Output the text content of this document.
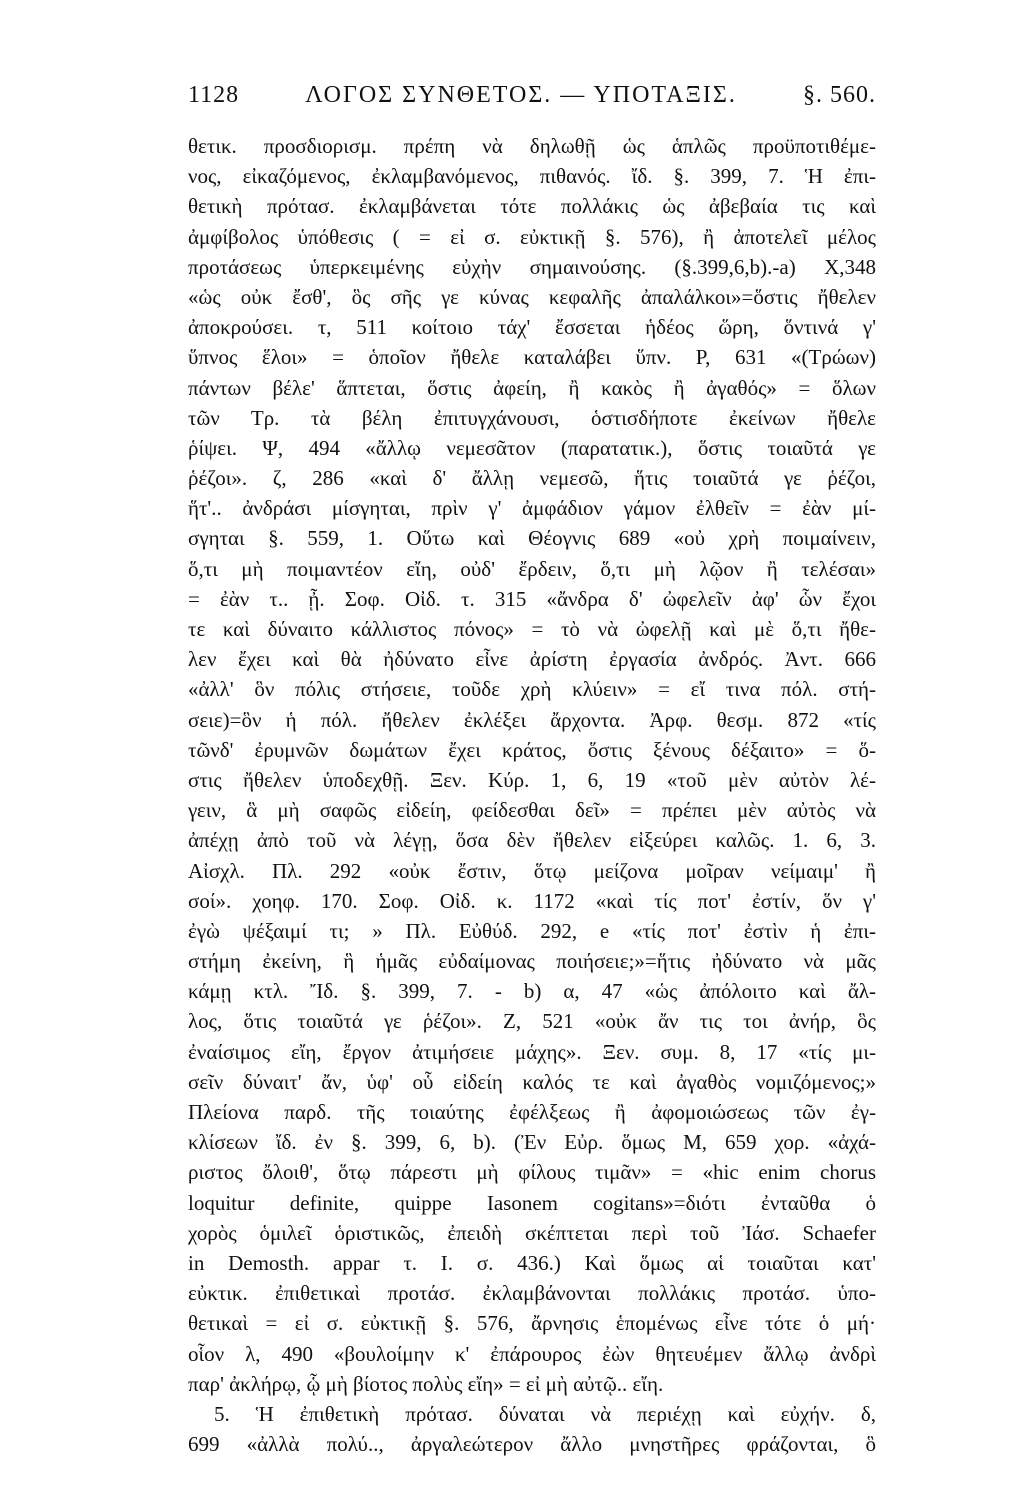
1128	ΛΟΓΟΣ ΣΥΝΘΕΤΟΣ. — ΥΠΟΤΑΞΙΣ.	§. 560.
θετικ. προσδιορισμ. πρέπη νὰ δηλωθῇ ὡς ἁπλῶς προϋποτιθέμε-
νος, εἰκαζόμενος, ἐκλαμβανόμενος, πιθανός. ἴδ. §. 399, 7. Ἡ ἐπι-
θετικὴ πρότασ. ἐκλαμβάνεται τότε πολλάκις ὡς ἀβεβαία τις καὶ
ἀμφίβολος ὑπόθεσις ( = εἰ σ. εὐκτικῇ §. 576), ἢ ἀποτελεῖ μέλος
προτάσεως ὑπερκειμένης εὐχὴν σημαινούσης. (§.399,6,b).-a) Χ,348
«ὡς οὐκ ἔσθ', ὃς σῆς γε κύνας κεφαλῆς ἀπαλάλκοι»=ὅστις ἤθελεν
ἀποκρούσει. τ, 511 κοίτοιο τάχ' ἔσσεται ἡδέος ὥρη, ὅντινά γ'
ὕπνος ἕλοι» = ὁποῖον ἤθελε καταλάβει ὕπν. Ρ, 631 «(Τρώων)
πάντων βέλε' ἅπτεται, ὅστις ἀφείη, ἢ κακὸς ἢ ἀγαθός» = ὅλων
τῶν Τρ. τὰ βέλη ἐπιτυγχάνουσι, ὁστισδήποτε ἐκείνων ἤθελε
ῥίψει. Ψ, 494 «ἄλλῳ νεμεσᾶτον (παρατατικ.), ὅστις τοιαῦτά γε
ῥέζοι». ζ, 286 «καὶ δ' ἄλλῃ νεμεσῶ, ἥτις τοιαῦτά γε ῥέζοι,
ἥτ'.. ἀνδράσι μίσγηται, πρὶν γ' ἀμφάδιον γάμον ἐλθεῖν = ἐὰν μί-
σγηται §. 559, 1. Οὕτω καὶ Θέογνις 689 «οὐ χρὴ ποιμαίνειν,
ὅ,τι μὴ ποιμαντέον εἴη, οὐδ' ἔρδειν, ὅ,τι μὴ λῷον ἢ τελέσαι»
= ἐὰν τ.. ᾖ. Σοφ. Οἰδ. τ. 315 «ἄνδρα δ' ὠφελεῖν ἀφ' ὧν ἔχοι
τε καὶ δύναιτο κάλλιστος πόνος» = τὸ νὰ ὠφελῇ καὶ μὲ ὅ,τι ἤθε-
λεν ἔχει καὶ θὰ ἠδύνατο εἶνε ἀρίστη ἐργασία ἀνδρός. Ἀντ. 666
«ἀλλ' ὃν πόλις στήσειε, τοῦδε χρὴ κλύειν» = εἴ τινα πόλ. στή-
σειε)=ὃν ἡ πόλ. ἤθελεν ἐκλέξει ἄρχοντα. Ἀρφ. θεσμ. 872 «τίς
τῶνδ' ἐρυμνῶν δωμάτων ἔχει κράτος, ὅστις ξένους δέξαιτο» = ὅ-
στις ἤθελεν ὑποδεχθῇ. Ξεν. Κύρ. 1, 6, 19 «τοῦ μὲν αὐτὸν λέ-
γειν, ἃ μὴ σαφῶς εἰδείη, φείδεσθαι δεῖ» = πρέπει μὲν αὐτὸς νὰ
ἀπέχῃ ἀπὸ τοῦ νὰ λέγῃ, ὅσα δὲν ἤθελεν εἰξεύρει καλῶς. 1. 6, 3.
Αἰσχλ. Πλ. 292 «οὐκ ἔστιν, ὅτῳ μείζονα μοῖραν νείμαιμ' ἢ
σοί». χοηφ. 170. Σοφ. Οἰδ. κ. 1172 «καὶ τίς ποτ' ἐστίν, ὅν γ'
ἐγὼ ψέξαιμί τι; » Πλ. Εὐθύδ. 292, e «τίς ποτ' ἐστὶν ἡ ἐπι-
στήμη ἐκείνη, ἣ ἡμᾶς εὐδαίμονας ποιήσειε;»=ἥτις ἠδύνατο νὰ μᾶς
κάμῃ κτλ. Ἴδ. §. 399, 7. - b) α, 47 «ὡς ἀπόλοιτο καὶ ἄλ-
λος, ὅτις τοιαῦτά γε ῥέζοι». Ζ, 521 «οὐκ ἄν τις τοι ἀνήρ, ὃς
ἐναίσιμος εἴη, ἔργον ἀτιμήσειε μάχης». Ξεν. συμ. 8, 17 «τίς μι-
σεῖν δύναιτ' ἄν, ὑφ' οὗ εἰδείη καλός τε καὶ ἀγαθὸς νομιζόμενος;»
Πλείονα παρδ. τῆς τοιαύτης ἐφέλξεως ἢ ἀφομοιώσεως τῶν ἐγ-
κλίσεων ἴδ. ἐν §. 399, 6, b). (Ἐν Εὐρ. ὅμως Μ, 659 χορ. «ἀχά-
ριστος ὄλοιθ', ὅτῳ πάρεστι μὴ φίλους τιμᾶν» = «hic enim chorus
loquitur definite, quippe Iasonem cogitans»=διότι ἐνταῦθα ὁ
χορὸς ὁμιλεῖ ὁριστικῶς, ἐπειδὴ σκέπτεται περὶ τοῦ Ἰάσ. Schaefer
in Demosth. appar τ. I. σ. 436.) Καὶ ὅμως αἱ τοιαῦται κατ'
εὐκτικ. ἐπιθετικαὶ προτάσ. ἐκλαμβάνονται πολλάκις προτάσ. ὑπο-
θετικαὶ = εἰ σ. εὐκτικῇ §. 576, ἄρνησις ἑπομένως εἶνε τότε ὁ μή·
οἷον λ, 490 «βουλοίμην κ' ἐπάρουρος ἐὼν θητευέμεν ἄλλῳ ἀνδρὶ
παρ' ἀκλήρῳ, ᾧ μὴ βίοτος πολὺς εἴη» = εἰ μὴ αὐτῷ.. εἴη.
5. Ἡ ἐπιθετικὴ πρότασ. δύναται νὰ περιέχῃ καὶ εὐχήν. δ,
699 «ἀλλὰ πολύ.., ἀργαλεώτερον ἄλλο μνηστῆρες φράζονται, ὃ
